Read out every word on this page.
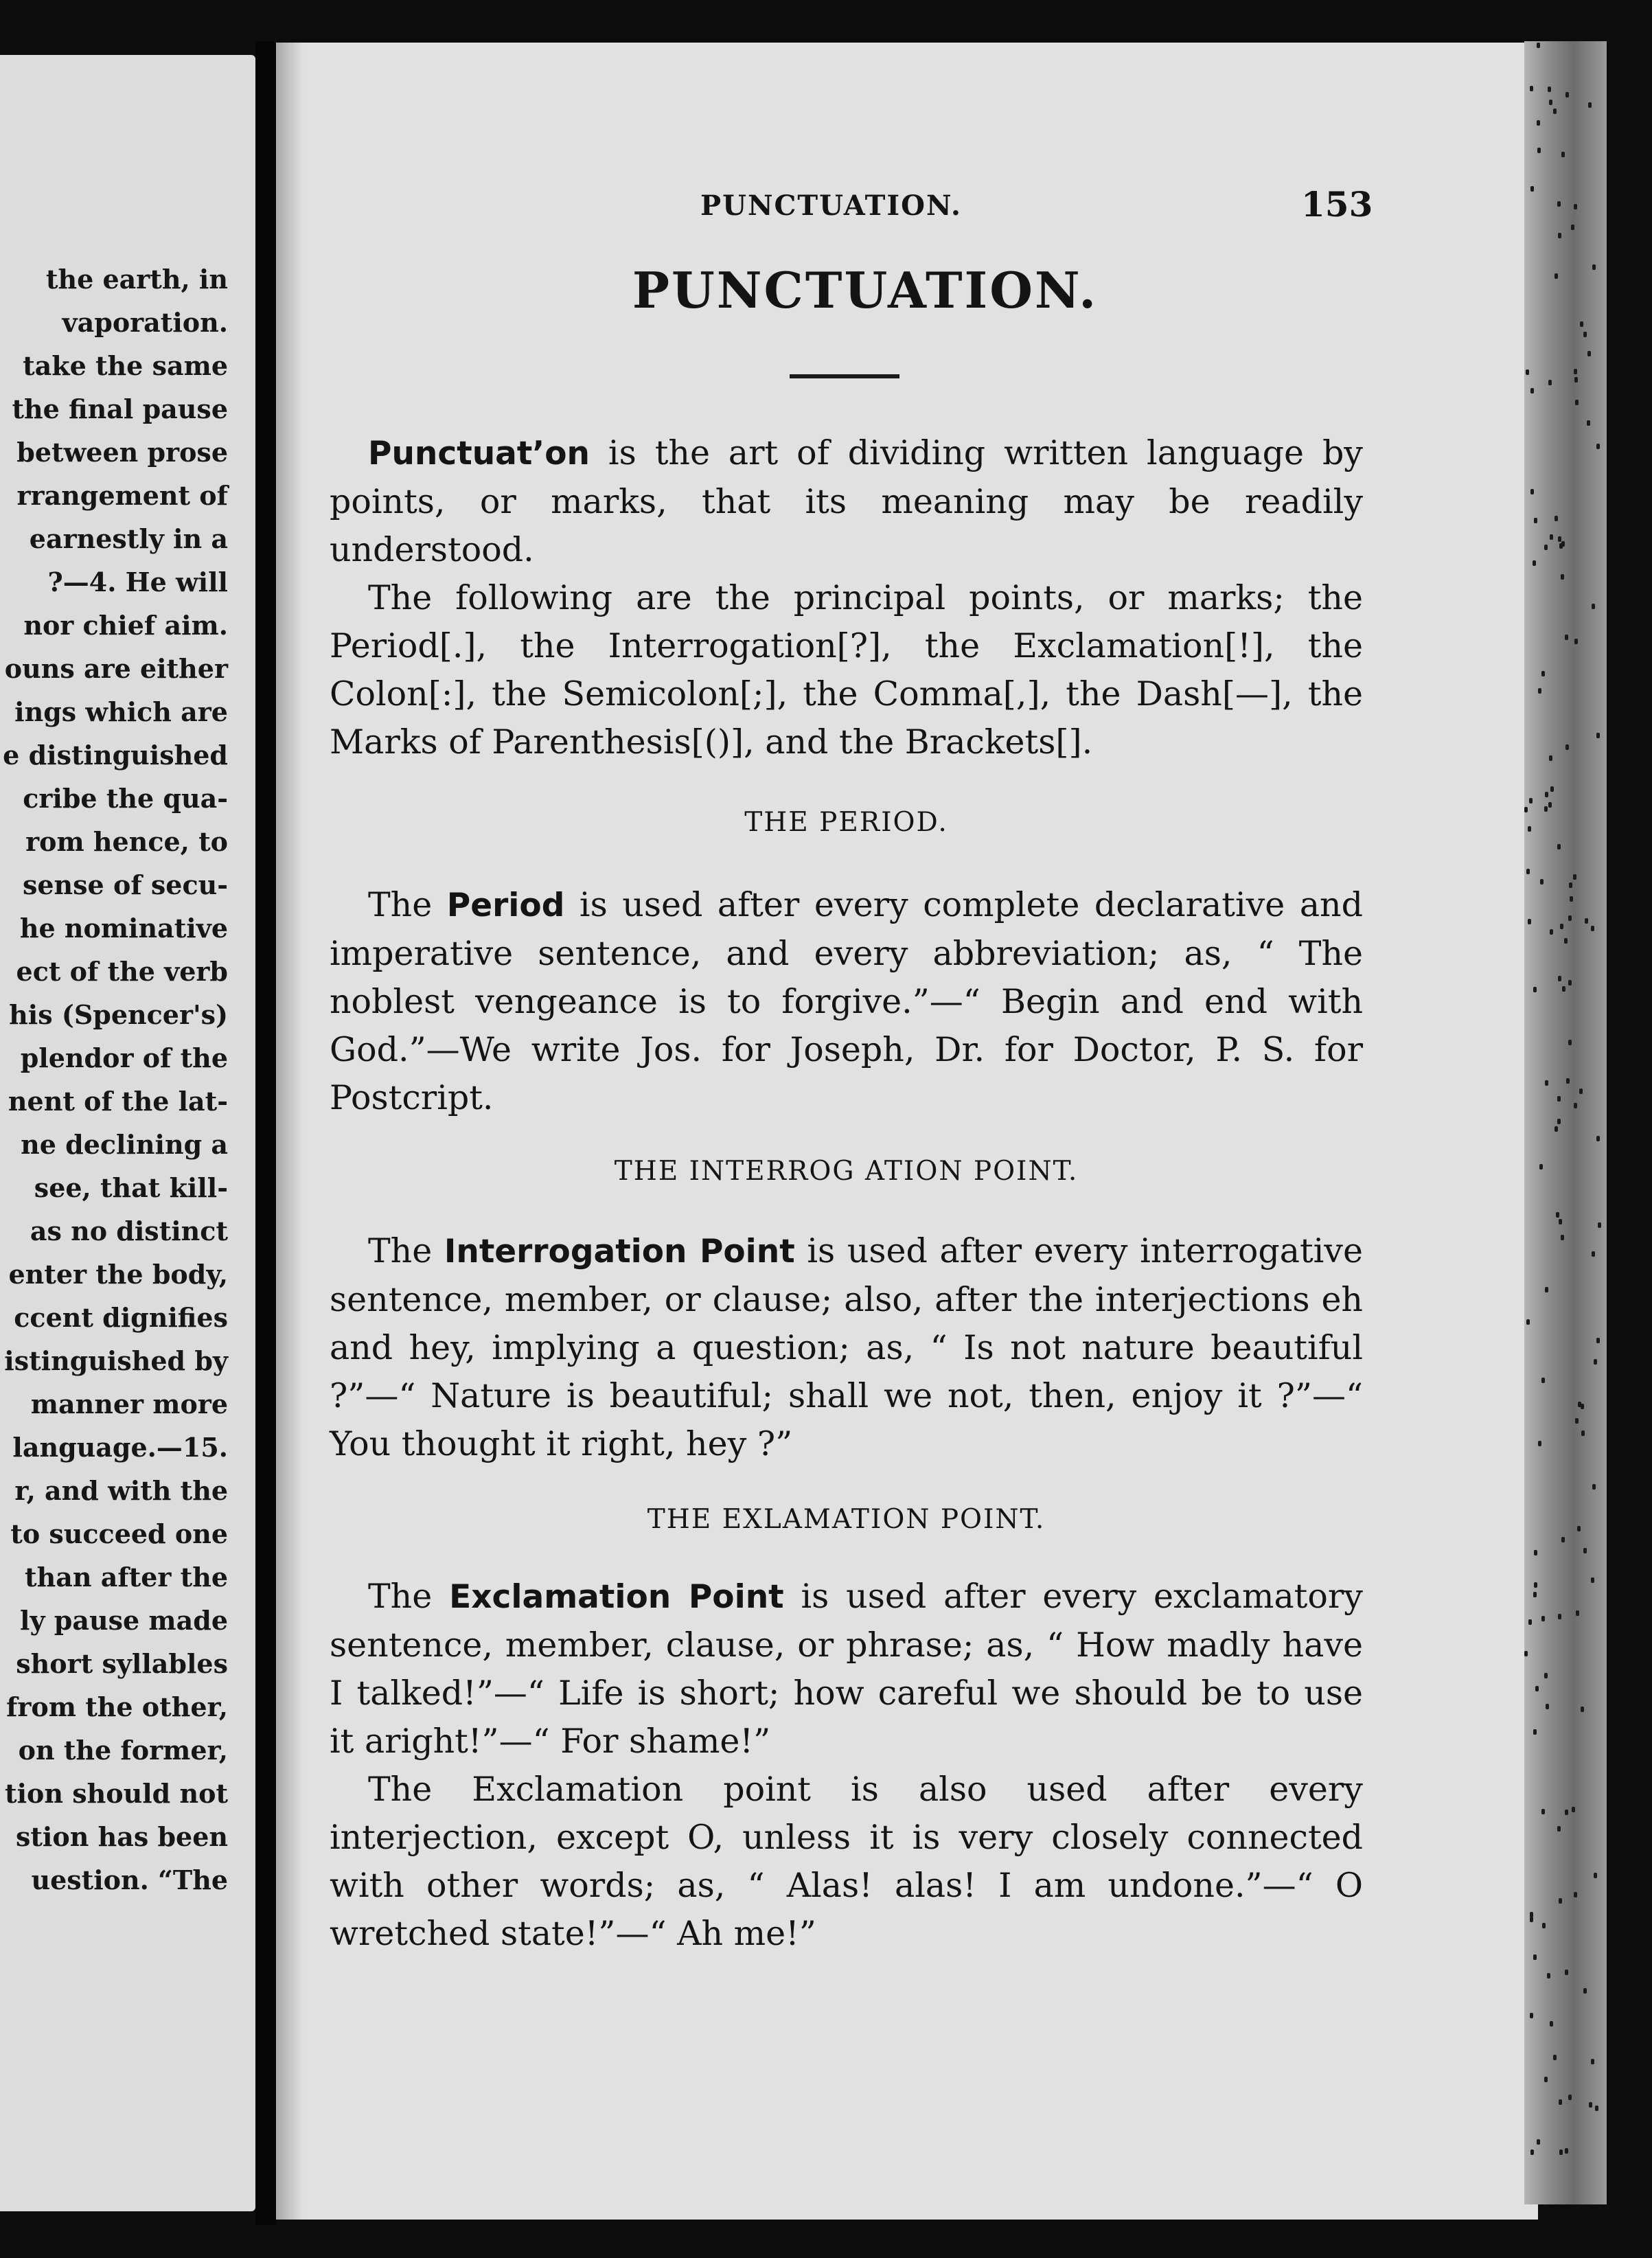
the earth, in
vaporation.
take the same
the final pause
between prose
rrangement of
earnestly in a
?—4. He will
nor chief aim.
ouns are either
ings which are
e distinguished
cribe the qua-
rom hence, to
sense of secu-
he nominative
ect of the verb
his (Spencer's)
plendor of the
nent of the lat-
ne declining a
see, that kill-
as no distinct
enter the body,
ccent dignifies
istinguished by
manner more
language.—15.
r, and with the
to succeed one
than after the
ly pause made
short syllables
from the other,
on the former,
tion should not
stion has been
uestion. “The
PUNCTUATION.	153
PUNCTUATION.

Punctuat’on is the art of dividing written language by points, or marks, that its meaning may be readily understood.

The following are the principal points, or marks; the Period[.], the Interrogation[?], the Exclamation[!], the Colon[:], the Semicolon[;], the Comma[,], the Dash[—], the Marks of Parenthesis[()], and the Brackets[].

THE PERIOD.

The Period is used after every complete declarative and imperative sentence, and every abbreviation; as, “ The noblest vengeance is to forgive.”—“ Begin and end with God.”—We write Jos. for Joseph, Dr. for Doctor, P. S. for Postcript.

THE INTERROG ATION POINT.

The Interrogation Point is used after every interrogative sentence, member, or clause; also, after the interjections eh and hey, implying a question; as, “ Is not nature beautiful ?”—“ Nature is beautiful; shall we not, then, enjoy it ?”—“ You thought it right, hey ?”

THE EXLAMATION POINT.

The Exclamation Point is used after every exclamatory sentence, member, clause, or phrase; as, “ How madly have I talked!”—“ Life is short; how careful we should be to use it aright!”—“ For shame!”

The Exclamation point is also used after every interjection, except O, unless it is very closely connected with other words; as, “ Alas! alas! I am undone.”—“ O wretched state!”—“ Ah me!”
